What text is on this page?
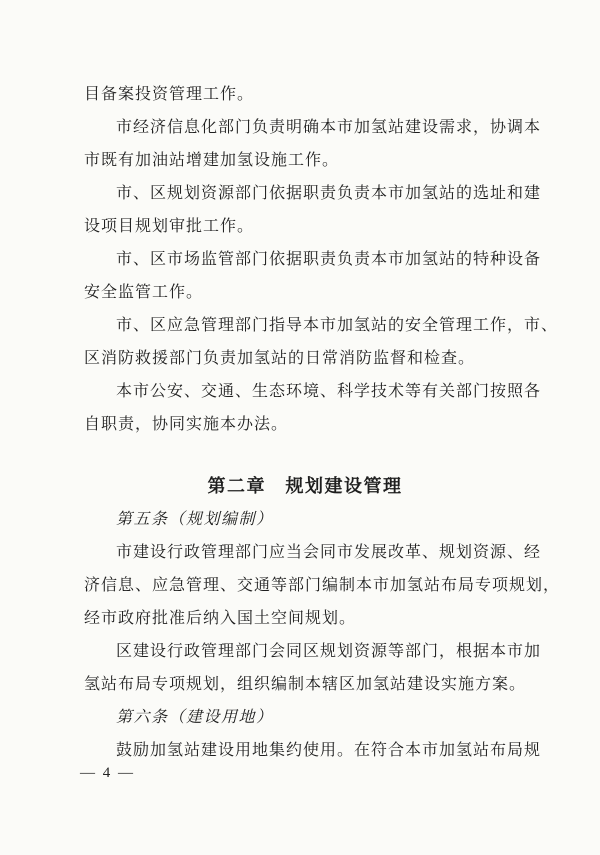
目备案投资管理工作。
市经济信息化部门负责明确本市加氢站建设需求，协调本
市既有加油站增建加氢设施工作。
市、区规划资源部门依据职责负责本市加氢站的选址和建
设项目规划审批工作。
市、区市场监管部门依据职责负责本市加氢站的特种设备
安全监管工作。
市、区应急管理部门指导本市加氢站的安全管理工作，市、
区消防救援部门负责加氢站的日常消防监督和检查。
本市公安、交通、生态环境、科学技术等有关部门按照各
自职责，协同实施本办法。
第二章　规划建设管理
第五条（规划编制）
市建设行政管理部门应当会同市发展改革、规划资源、经
济信息、应急管理、交通等部门编制本市加氢站布局专项规划，
经市政府批准后纳入国土空间规划。
区建设行政管理部门会同区规划资源等部门，根据本市加
氢站布局专项规划，组织编制本辖区加氢站建设实施方案。
第六条（建设用地）
鼓励加氢站建设用地集约使用。在符合本市加氢站布局规
— 4 —
